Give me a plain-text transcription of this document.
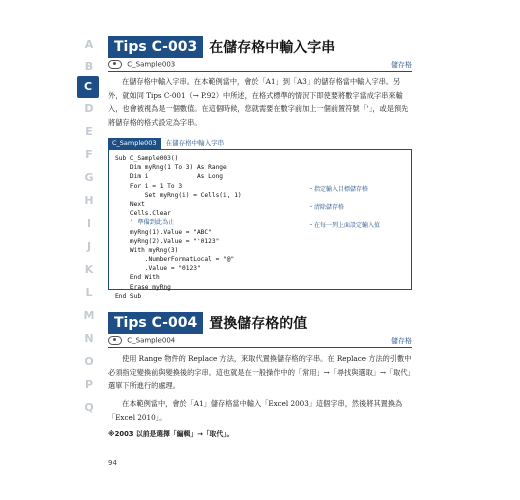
A
B
C
D
E
F
G
H
I
J
K
L
M
N
O
P
Q
Tips C-003 在儲存格中輸入字串
C_Sample003	儲存格

在儲存格中輸入字串。在本範例當中，會於「A1」到「A3」的儲存格當中輸入字串。另外，就如同 Tips C-001（→ P.92）中所述，在格式標準的情況下即使要將數字當成字串來輸入，也會被視為是一個數值。在這個時候，您就需要在數字前加上一個前置符號「'」，或是預先將儲存格的格式設定為字串。

C_Sample003 在儲存格中輸入字串
Sub C_Sample003()
Dim myRng(1 To 3) As Range
Dim i             As Long
For i = 1 To 3
Set myRng(i) = Cells(i, 1)
Next
Cells.Clear
' 準備到此為止
myRng(1).Value = "ABC"
myRng(2).Value = "'0123"
With myRng(3)
.NumberFormatLocal = "@"
.Value = "0123"
End With
Erase myRng
End Sub
・指定輸入目標儲存格
・清除儲存格
・在每一列上面設定輸入值
Tips C-004 置換儲存格的值
C_Sample004	儲存格

使用 Range 物件的 Replace 方法，來取代置換儲存格的字串。在 Replace 方法的引數中必須指定變換前與變換後的字串。這也就是在一般操作中的「常用」→「尋找與選取」→「取代」選單下所進行的處理。

在本範例當中，會於「A1」儲存格當中輸入「Excel 2003」這個字串，然後將其置換為「Excel 2010」。

※2003 以前是選擇「編輯」→「取代」。
94
